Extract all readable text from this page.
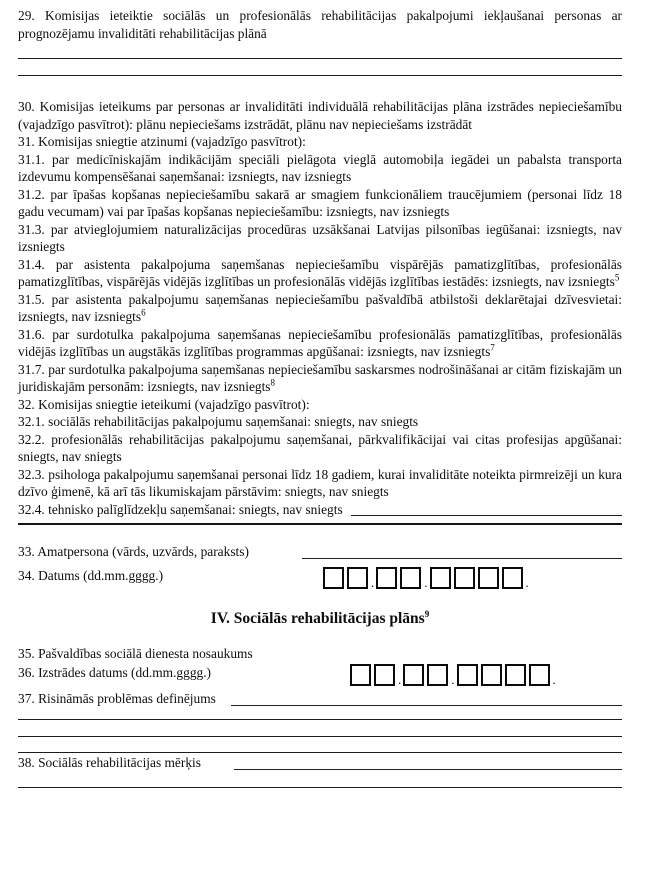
29. Komisijas ieteiktie sociālās un profesionālās rehabilitācijas pakalpojumi iekļaušanai personas ar prognozējamu invaliditāti rehabilitācijas plānā

30. Komisijas ieteikums par personas ar invaliditāti individuālā rehabilitācijas plāna izstrādes nepieciešamību (vajadzīgo pasvītrot): plānu nepieciešams izstrādāt, plānu nav nepieciešams izstrādāt

31. Komisijas sniegtie atzinumi (vajadzīgo pasvītrot):

31.1. par medicīniskajām indikācijām speciāli pielāgota vieglā automobiļa iegādei un pabalsta transporta izdevumu kompensēšanai saņemšanai: izsniegts, nav izsniegts

31.2. par īpašas kopšanas nepieciešamību sakarā ar smagiem funkcionāliem traucējumiem (personai līdz 18 gadu vecumam) vai par īpašas kopšanas nepieciešamību: izsniegts, nav izsniegts

31.3. par atvieglojumiem naturalizācijas procedūras uzsākšanai Latvijas pilsonības iegūšanai: izsniegts, nav izsniegts

31.4. par asistenta pakalpojuma saņemšanas nepieciešamību vispārējās pamatizglītības, profesionālās pamatizglītības, vispārējās vidējās izglītības un profesionālās vidējās izglītības iestādēs: izsniegts, nav izsniegts$^5$

31.5. par asistenta pakalpojumu saņemšanas nepieciešamību pašvaldībā atbilstoši deklarētajai dzīvesvietai: izsniegts, nav izsniegts$^6$

31.6. par surdotulka pakalpojuma saņemšanas nepieciešamību profesionālās pamatizglītības, profesionālās vidējās izglītības un augstākās izglītības programmas apgūšanai: izsniegts, nav izsniegts$^7$

31.7. par surdotulka pakalpojuma saņemšanas nepieciešamību saskarsmes nodrošināšanai ar citām fiziskajām un juridiskajām personām: izsniegts, nav izsniegts$^8$

32. Komisijas sniegtie ieteikumi (vajadzīgo pasvītrot):

32.1. sociālās rehabilitācijas pakalpojumu saņemšanai: sniegts, nav sniegts

32.2. profesionālās rehabilitācijas pakalpojumu saņemšanai, pārkvalifikācijai vai citas profesijas apgūšanai: sniegts, nav sniegts

32.3. psihologa pakalpojumu saņemšanai personai līdz 18 gadiem, kurai invaliditāte noteikta pirmreizēji un kura dzīvo ģimenē, kā arī tās likumiskajam pārstāvim: sniegts, nav sniegts

32.4. tehnisko palīglīdzekļu saņemšanai: sniegts, nav sniegts
33. Amatpersona (vārds, uzvārds, paraksts)
34. Datums (dd.mm.gggg.)	.	.	.
IV. Sociālās rehabilitācijas plāns$^9$
35. Pašvaldības sociālā dienesta nosaukums
36. Izstrādes datums (dd.mm.gggg.)	.	.	.
37. Risināmās problēmas definējums
38. Sociālās rehabilitācijas mērķis
